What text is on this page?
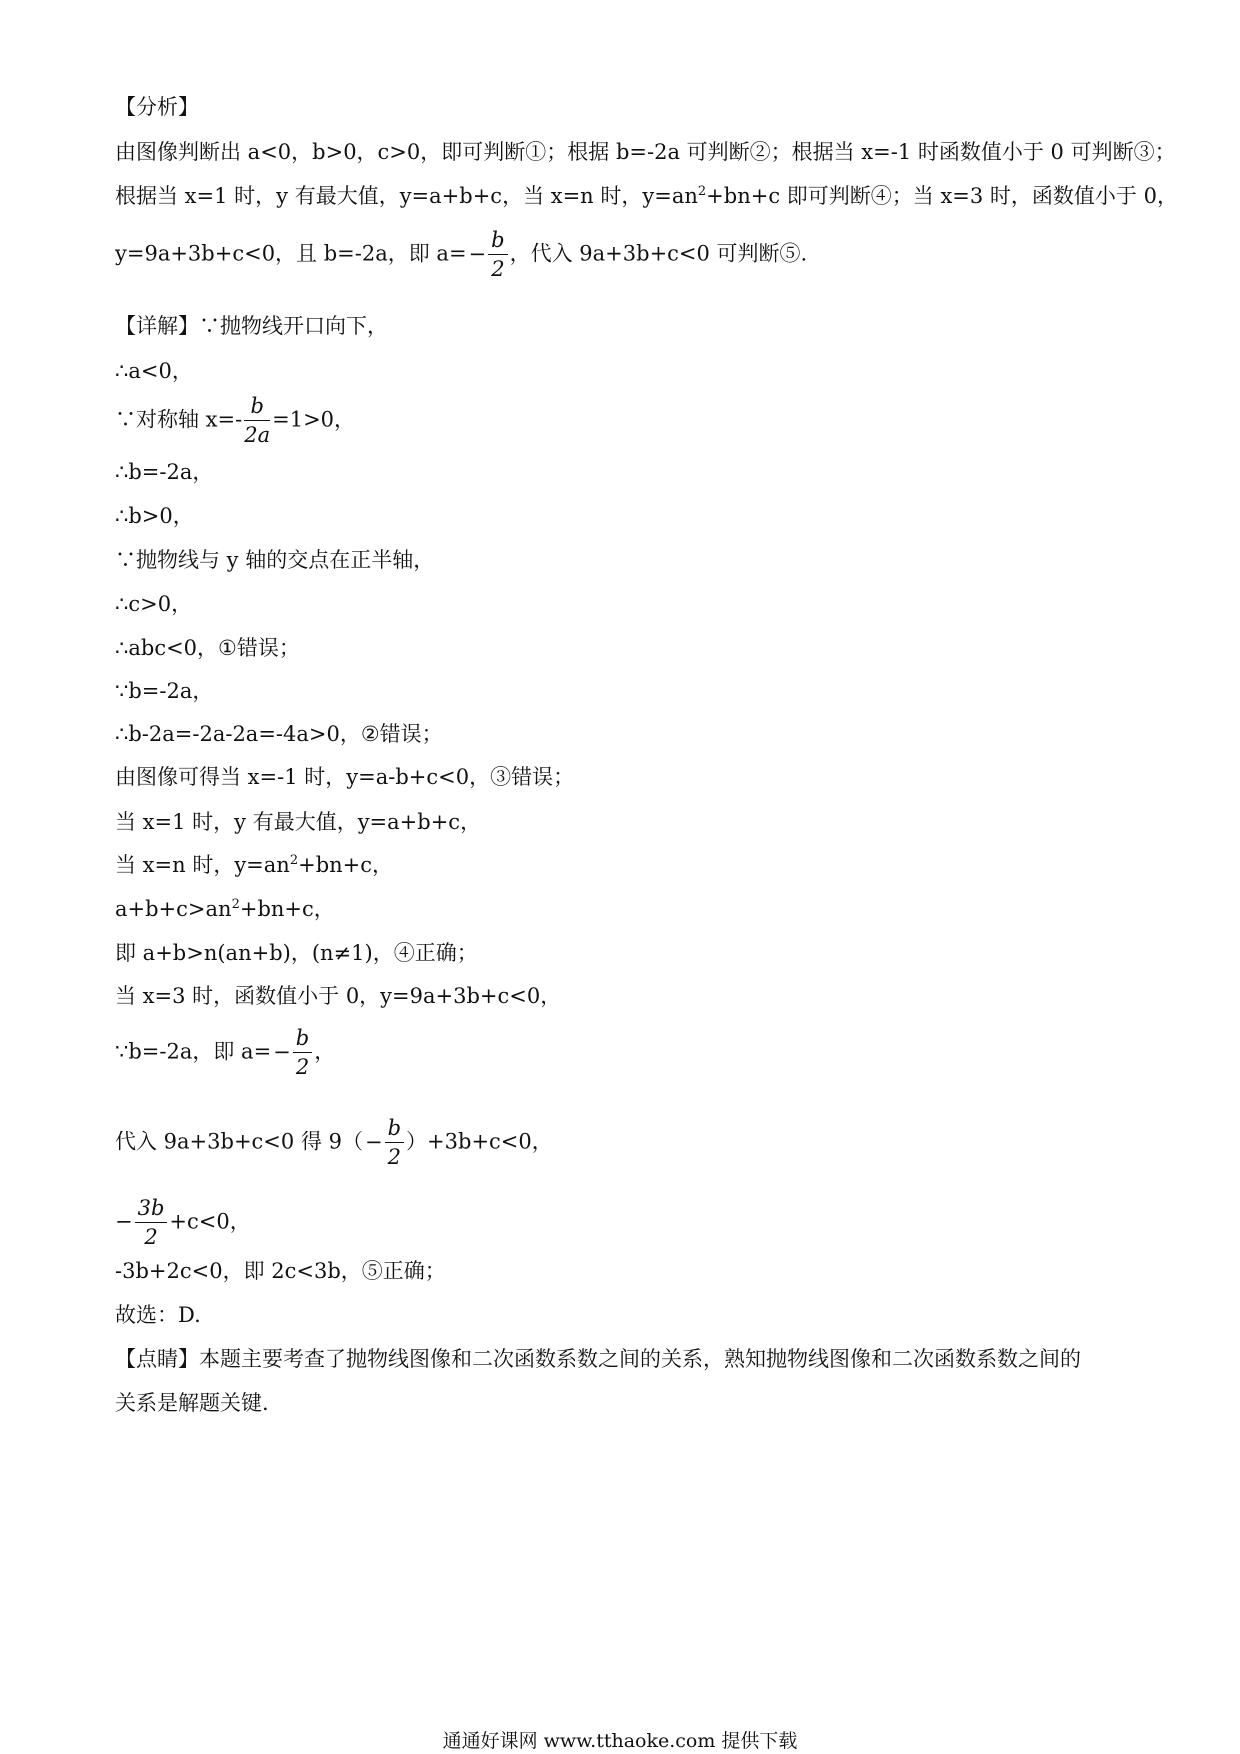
【分析】
由图像判断出 a<0，b>0，c>0，即可判断①；根据 b=-2a 可判断②；根据当 x=-1 时函数值小于 0 可判断③；
根据当 x=1 时，y 有最大值，y=a+b+c，当 x=n 时，$y=an^2+bn+c$ 即可判断④；当 x=3 时，函数值小于 0，
y=9a+3b+c<0，且 b=-2a，即 $a=- \frac{b}{2}$ ，代入 9a+3b+c<0 可判断⑤.
【详解】∵抛物线开口向下，
∴a<0，
∵对称轴 $x=- \frac{b}{2a} =1>0$，
∴b=-2a，
∴b>0，
∵抛物线与 y 轴的交点在正半轴，
∴c>0，
∴abc<0，①错误；
∵b=-2a，
∴b-2a=-2a-2a=-4a>0，②错误；
由图像可得当 x=-1 时，y=a-b+c<0，③错误；
当 x=1 时，y 有最大值，y=a+b+c，
当 x=n 时，$y=an^2+bn+c$，
$a+b+c>an^2+bn+c$，
即 a+b>n(an+b)，(n≠1)，④正确；
当 x=3 时，函数值小于 0，y=9a+3b+c<0，
∵b=-2a，即 $a=- \frac{b}{2}$ ，
代入 9a+3b+c<0 得 $9(- \frac{b}{2} )+3b+c<0$，
− $\frac{3b}{2} +c<0$，
-3b+2c<0，即 2c<3b，⑤正确；
故选：D.
【点睛】本题主要考查了抛物线图像和二次函数系数之间的关系，熟知抛物线图像和二次函数系数之间的
关系是解题关键.
通通好课网 www.tthaoke.com 提供下载
